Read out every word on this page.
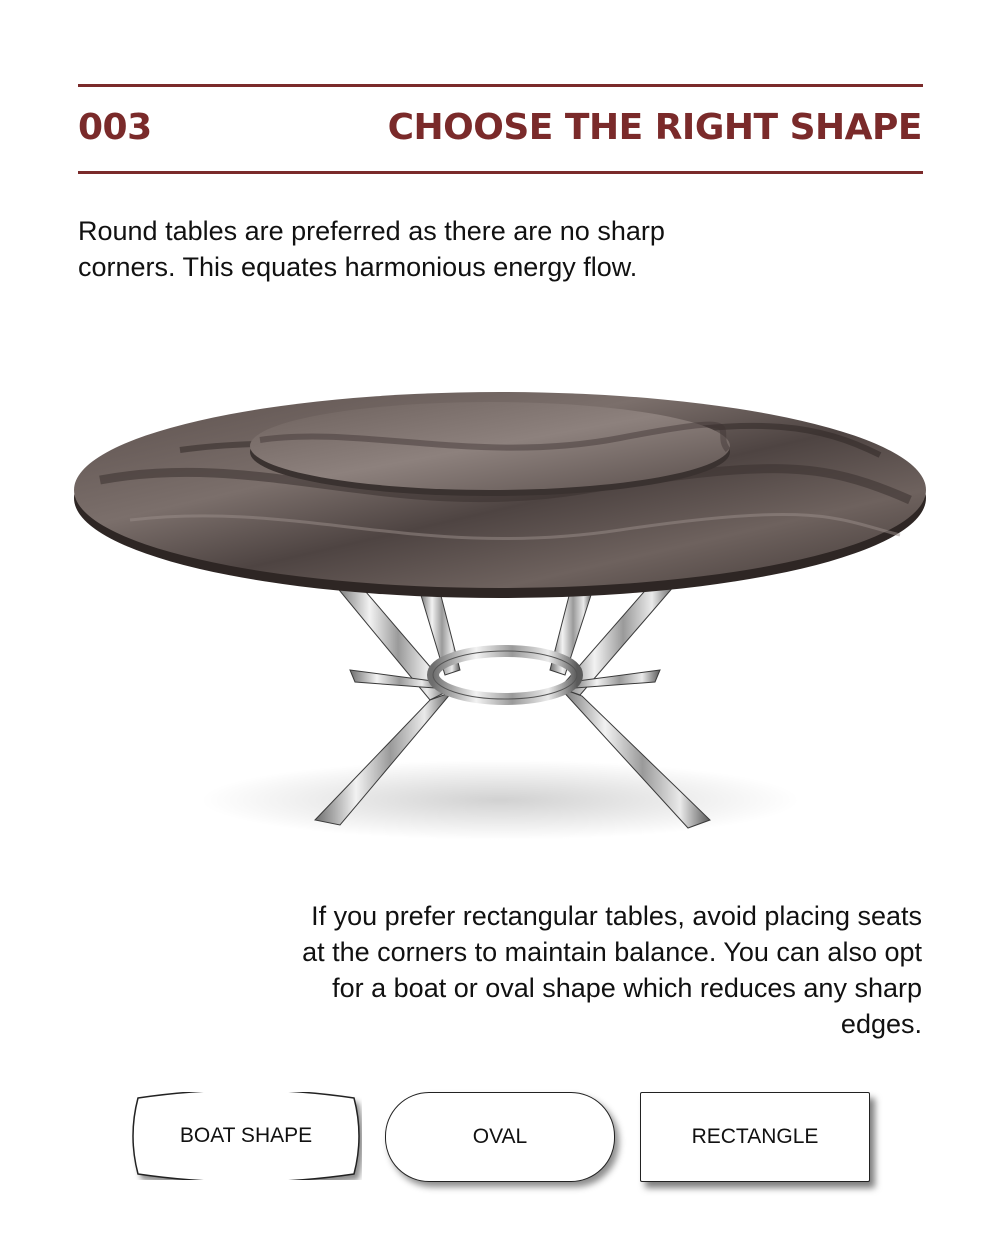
003	CHOOSE THE RIGHT SHAPE
Round tables are preferred as there are no sharp corners. This equates harmonious energy flow.
If you prefer rectangular tables, avoid placing seats at the corners to maintain balance. You can also opt for a boat or oval shape which reduces any sharp edges.
BOAT SHAPE	OVAL	RECTANGLE
